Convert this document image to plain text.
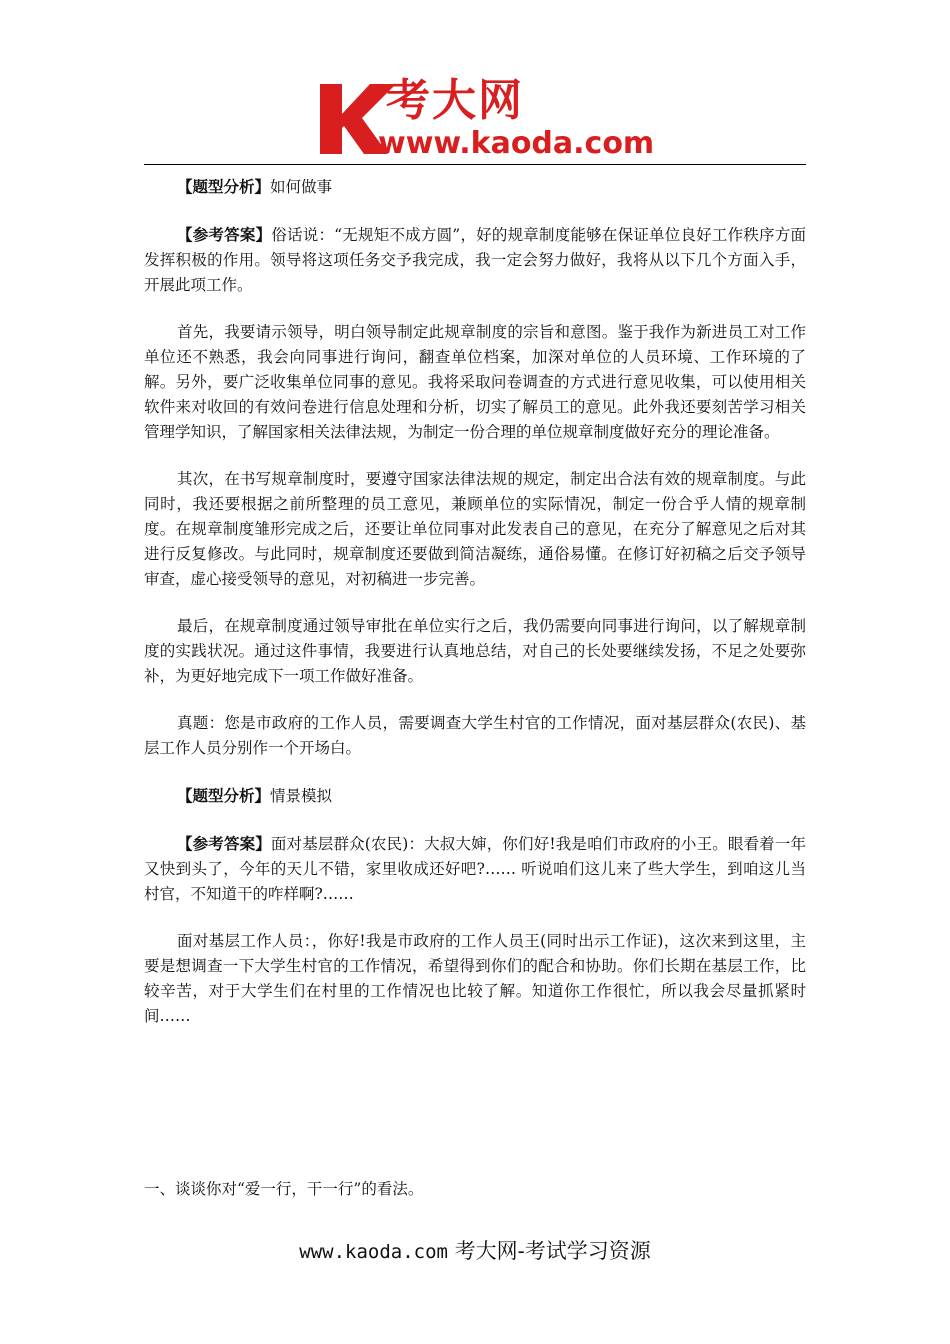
考大网
www.kaoda.com

【题型分析】如何做事

【参考答案】俗话说：“无规矩不成方圆”，好的规章制度能够在保证单位良好工作秩序方面发挥积极的作用。领导将这项任务交予我完成，我一定会努力做好，我将从以下几个方面入手，开展此项工作。

首先，我要请示领导，明白领导制定此规章制度的宗旨和意图。鉴于我作为新进员工对工作单位还不熟悉，我会向同事进行询问，翻查单位档案，加深对单位的人员环境、工作环境的了解。另外，要广泛收集单位同事的意见。我将采取问卷调查的方式进行意见收集，可以使用相关软件来对收回的有效问卷进行信息处理和分析，切实了解员工的意见。此外我还要刻苦学习相关管理学知识，了解国家相关法律法规，为制定一份合理的单位规章制度做好充分的理论准备。

其次，在书写规章制度时，要遵守国家法律法规的规定，制定出合法有效的规章制度。与此同时，我还要根据之前所整理的员工意见，兼顾单位的实际情况，制定一份合乎人情的规章制度。在规章制度雏形完成之后，还要让单位同事对此发表自己的意见，在充分了解意见之后对其进行反复修改。与此同时，规章制度还要做到简洁凝练，通俗易懂。在修订好初稿之后交予领导审查，虚心接受领导的意见，对初稿进一步完善。

最后，在规章制度通过领导审批在单位实行之后，我仍需要向同事进行询问，以了解规章制度的实践状况。通过这件事情，我要进行认真地总结，对自己的长处要继续发扬，不足之处要弥补，为更好地完成下一项工作做好准备。

真题：您是市政府的工作人员，需要调查大学生村官的工作情况，面对基层群众(农民)、基层工作人员分别作一个开场白。

【题型分析】情景模拟

【参考答案】面对基层群众(农民)：大叔大婶，你们好!我是咱们市政府的小王。眼看着一年又快到头了，今年的天儿不错，家里收成还好吧?…… 听说咱们这儿来了些大学生，到咱这儿当村官，不知道干的咋样啊?……

面对基层工作人员：，你好!我是市政府的工作人员王(同时出示工作证)，这次来到这里，主要是想调查一下大学生村官的工作情况，希望得到你们的配合和协助。你们长期在基层工作，比较辛苦，对于大学生们在村里的工作情况也比较了解。知道你工作很忙，所以我会尽量抓紧时间……

一、谈谈你对“爱一行，干一行”的看法。
www.kaoda.com 考大网-考试学习资源
